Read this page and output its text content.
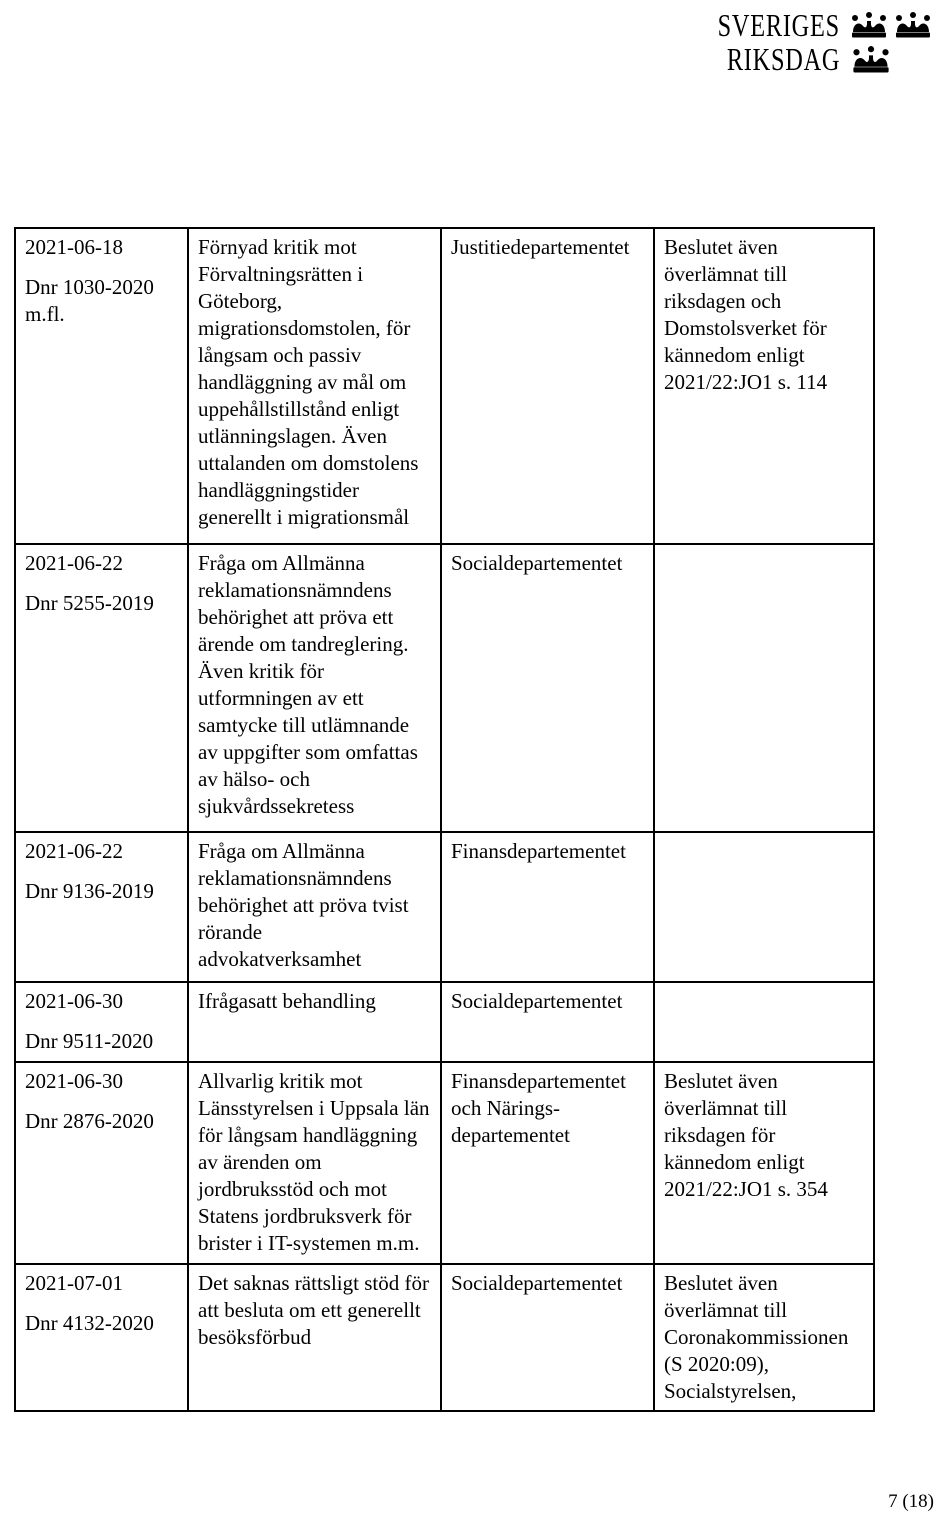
SVERIGES
RIKSDAG
2021-06-18
Dnr 1030-2020 m.fl.	Förnyad kritik mot Förvaltningsrätten i Göteborg, migrationsdomstolen, för långsam och passiv handläggning av mål om uppehållstillstånd enligt utlänningslagen. Även uttalanden om domstolens handläggningstider generellt i migrationsmål	Justitiedepartementet	Beslutet även överlämnat till riksdagen och Domstolsverket för kännedom enligt 2021/22:JO1 s. 114

2021-06-22
Dnr 5255-2019	Fråga om Allmänna reklamationsnämndens behörighet att pröva ett ärende om tandreglering. Även kritik för utformningen av ett samtycke till utlämnande av uppgifter som omfattas av hälso- och sjukvårdssekretess	Socialdepartementet	

2021-06-22
Dnr 9136-2019	Fråga om Allmänna reklamationsnämndens behörighet att pröva tvist rörande advokatverksamhet	Finansdepartementet	

2021-06-30
Dnr 9511-2020	Ifrågasatt behandling	Socialdepartementet	

2021-06-30
Dnr 2876-2020	Allvarlig kritik mot Länsstyrelsen i Uppsala län för långsam handläggning av ärenden om jordbruksstöd och mot Statens jordbruksverk för brister i IT-systemen m.m.	Finansdepartementet och Närings-departementet	Beslutet även överlämnat till riksdagen för kännedom enligt 2021/22:JO1 s. 354

2021-07-01
Dnr 4132-2020	Det saknas rättsligt stöd för att besluta om ett generellt besöksförbud	Socialdepartementet	Beslutet även överlämnat till Coronakommissionen (S 2020:09), Socialstyrelsen,
7 (18)
